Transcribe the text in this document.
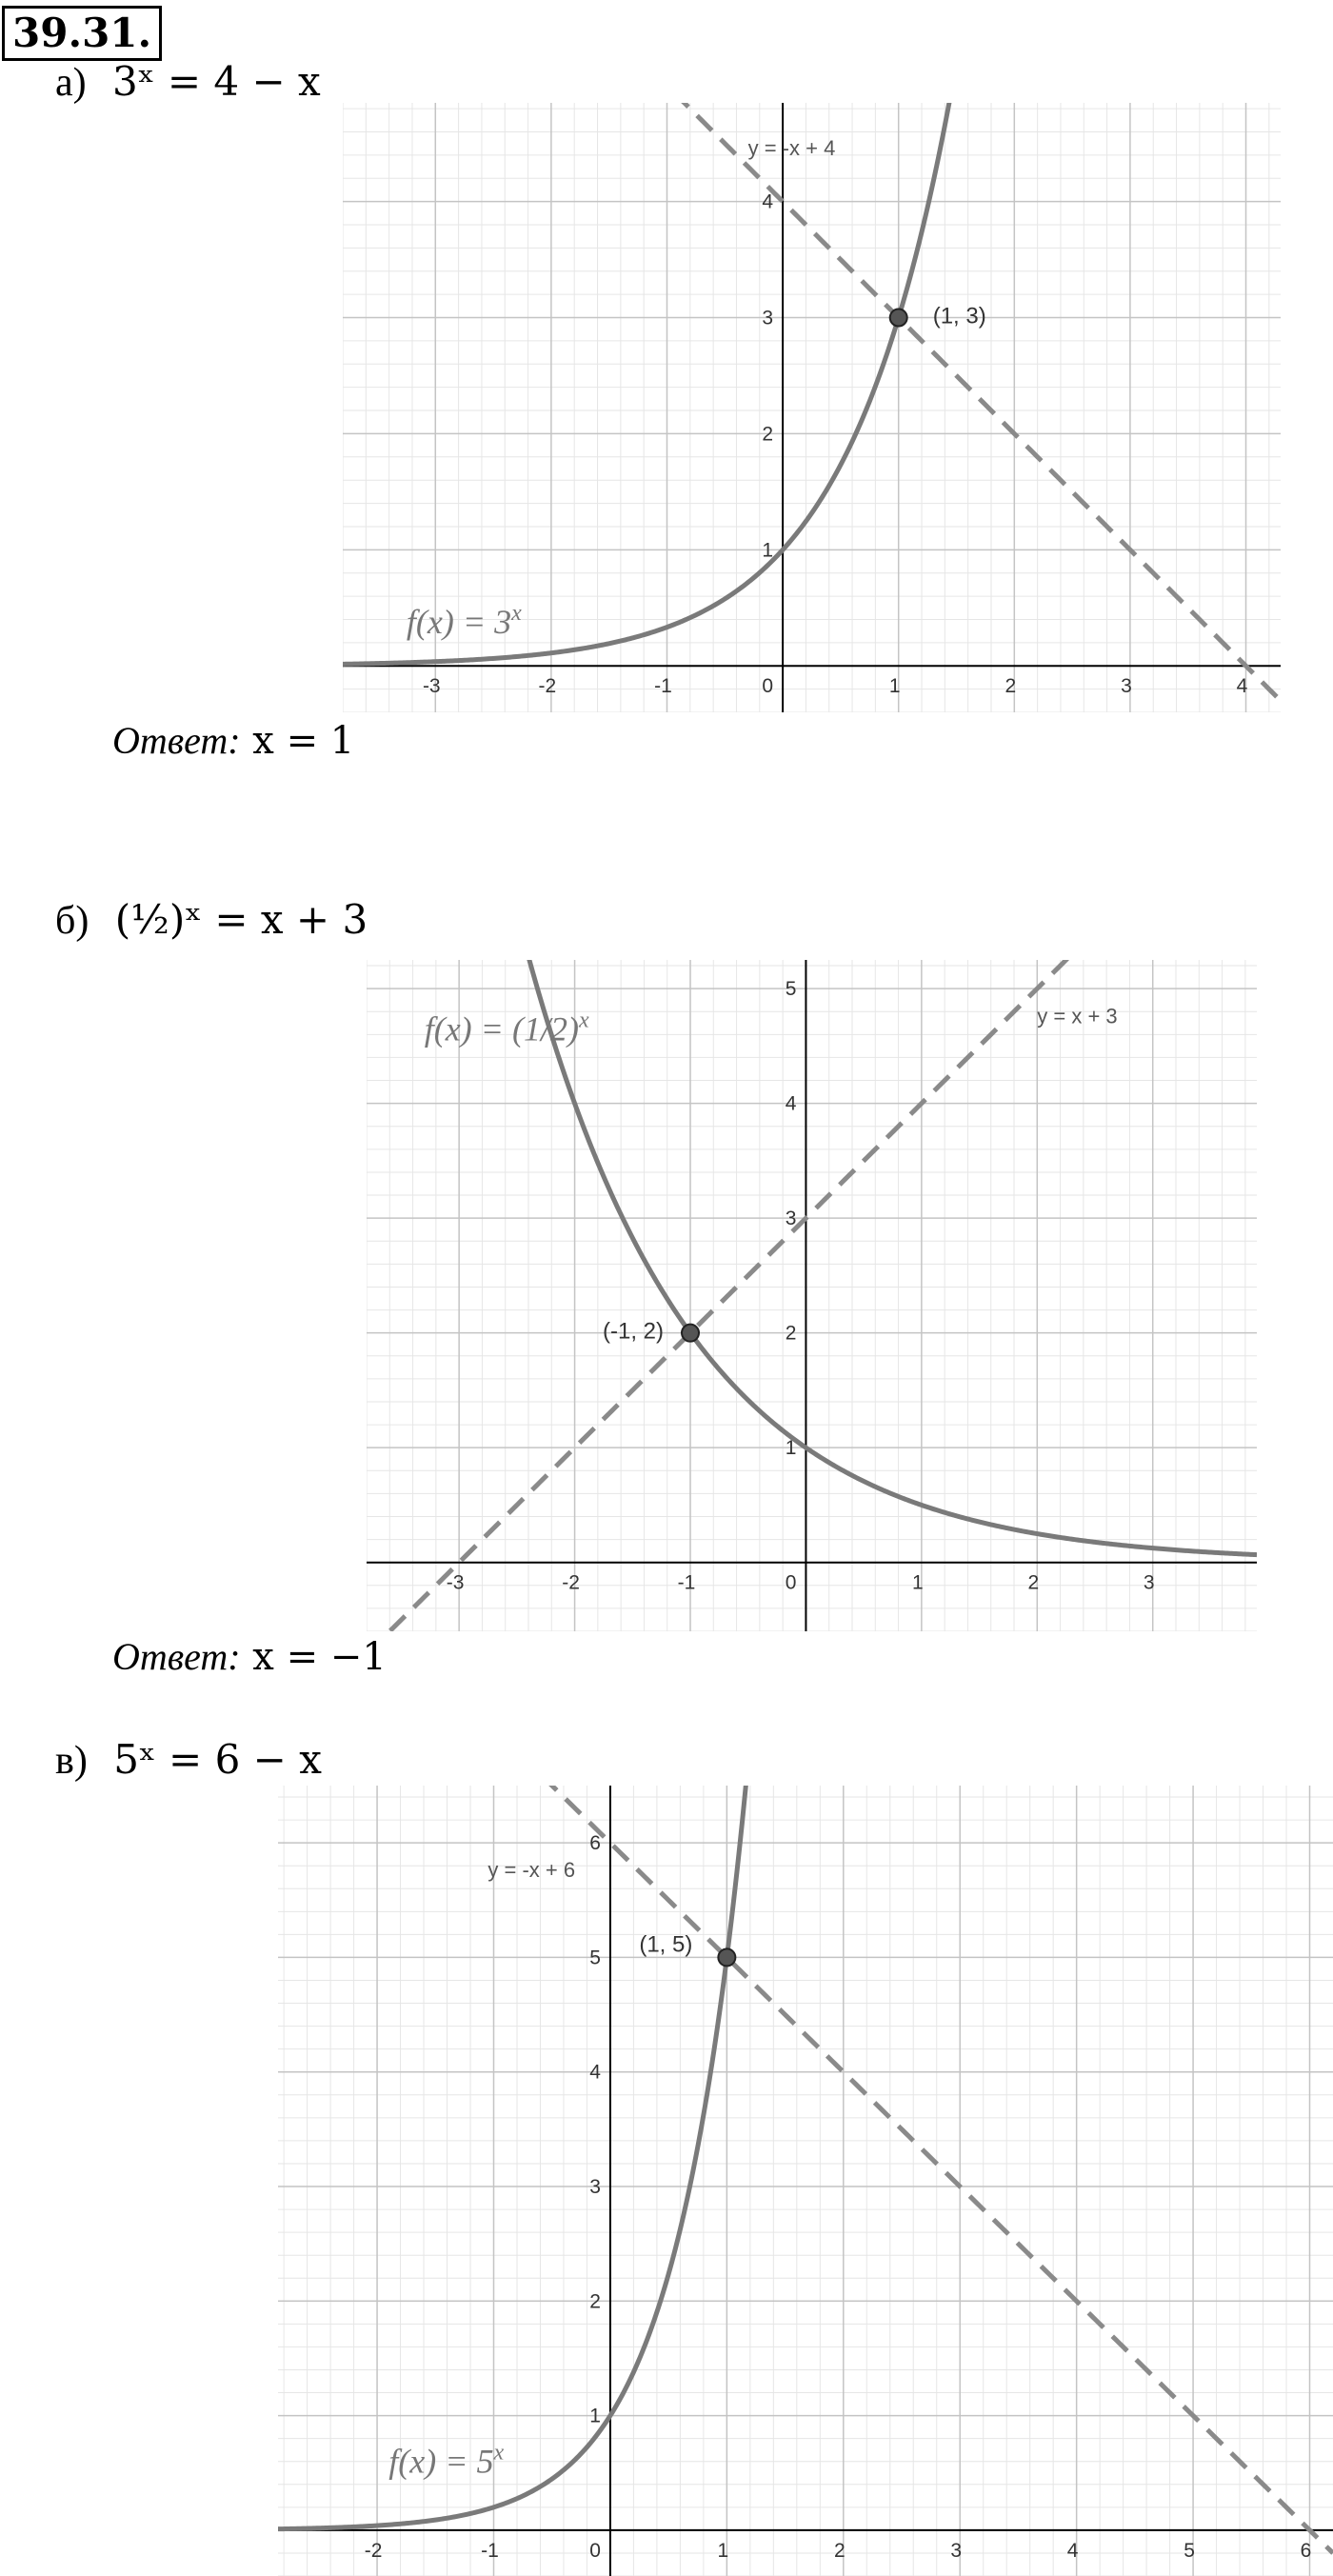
39.31.
а) 3ˣ = 4 − x
-3	-2	-1	0	1	2	3	4
1
2
3
4
(1, 3)
y = -x + 4
$f(x) = 3^x$
Ответ: x = 1
б) (½)ˣ = x + 3
-3	-2	-1	0	1	2	3
1
2
3
4
5
(-1, 2)
y = x + 3
$f(x) = (1/2)^x$
Ответ: x = −1
в) 5ˣ = 6 − x
-2	-1	0	1	2	3	4	5	6
1
2
3
4
5
6
(1, 5)
y = -x + 6
$f(x) = 5^x$
